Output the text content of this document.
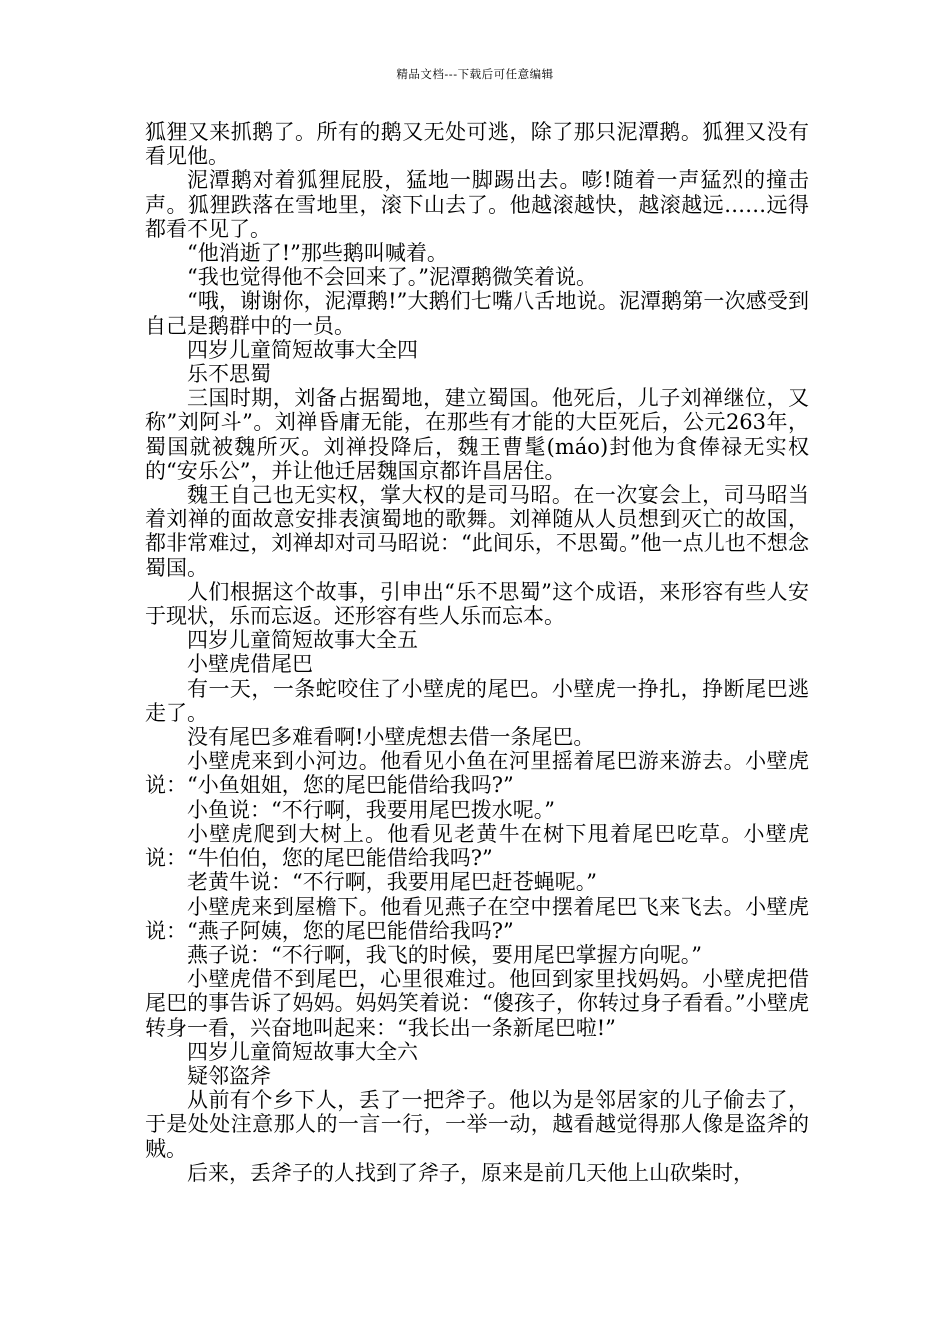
精品文档---下载后可任意编辑

狐狸又来抓鹅了。所有的鹅又无处可逃，除了那只泥潭鹅。狐狸又没有看见他。

泥潭鹅对着狐狸屁股，猛地一脚踢出去。嘭!随着一声猛烈的撞击声。狐狸跌落在雪地里，滚下山去了。他越滚越快，越滚越远……远得都看不见了。

“他消逝了!”那些鹅叫喊着。

“我也觉得他不会回来了。”泥潭鹅微笑着说。

“哦，谢谢你，泥潭鹅!”大鹅们七嘴八舌地说。泥潭鹅第一次感受到自己是鹅群中的一员。

四岁儿童简短故事大全四

乐不思蜀

三国时期，刘备占据蜀地，建立蜀国。他死后，儿子刘禅继位，又称”刘阿斗”。刘禅昏庸无能，在那些有才能的大臣死后，公元263年，蜀国就被魏所灭。刘禅投降后，魏王曹髦(máo)封他为食俸禄无实权的“安乐公”，并让他迁居魏国京都许昌居住。

魏王自己也无实权，掌大权的是司马昭。在一次宴会上，司马昭当着刘禅的面故意安排表演蜀地的歌舞。刘禅随从人员想到灭亡的故国，都非常难过，刘禅却对司马昭说：“此间乐，不思蜀。”他一点儿也不想念蜀国。

人们根据这个故事，引申出“乐不思蜀”这个成语，来形容有些人安于现状，乐而忘返。还形容有些人乐而忘本。

四岁儿童简短故事大全五

小壁虎借尾巴

有一天，一条蛇咬住了小壁虎的尾巴。小壁虎一挣扎，挣断尾巴逃走了。

没有尾巴多难看啊!小壁虎想去借一条尾巴。

小壁虎来到小河边。他看见小鱼在河里摇着尾巴游来游去。小壁虎说：“小鱼姐姐，您的尾巴能借给我吗?”

小鱼说：“不行啊，我要用尾巴拨水呢。”

小壁虎爬到大树上。他看见老黄牛在树下甩着尾巴吃草。小壁虎说：“牛伯伯，您的尾巴能借给我吗?”

老黄牛说：“不行啊，我要用尾巴赶苍蝇呢。”

小壁虎来到屋檐下。他看见燕子在空中摆着尾巴飞来飞去。小壁虎说：“燕子阿姨，您的尾巴能借给我吗?”

燕子说：“不行啊，我飞的时候，要用尾巴掌握方向呢。”

小壁虎借不到尾巴，心里很难过。他回到家里找妈妈。小壁虎把借尾巴的事告诉了妈妈。妈妈笑着说：“傻孩子，你转过身子看看。”小壁虎转身一看，兴奋地叫起来：“我长出一条新尾巴啦!”

四岁儿童简短故事大全六

疑邻盗斧

从前有个乡下人，丢了一把斧子。他以为是邻居家的儿子偷去了，于是处处注意那人的一言一行，一举一动，越看越觉得那人像是盗斧的贼。

后来，丢斧子的人找到了斧子，原来是前几天他上山砍柴时，
